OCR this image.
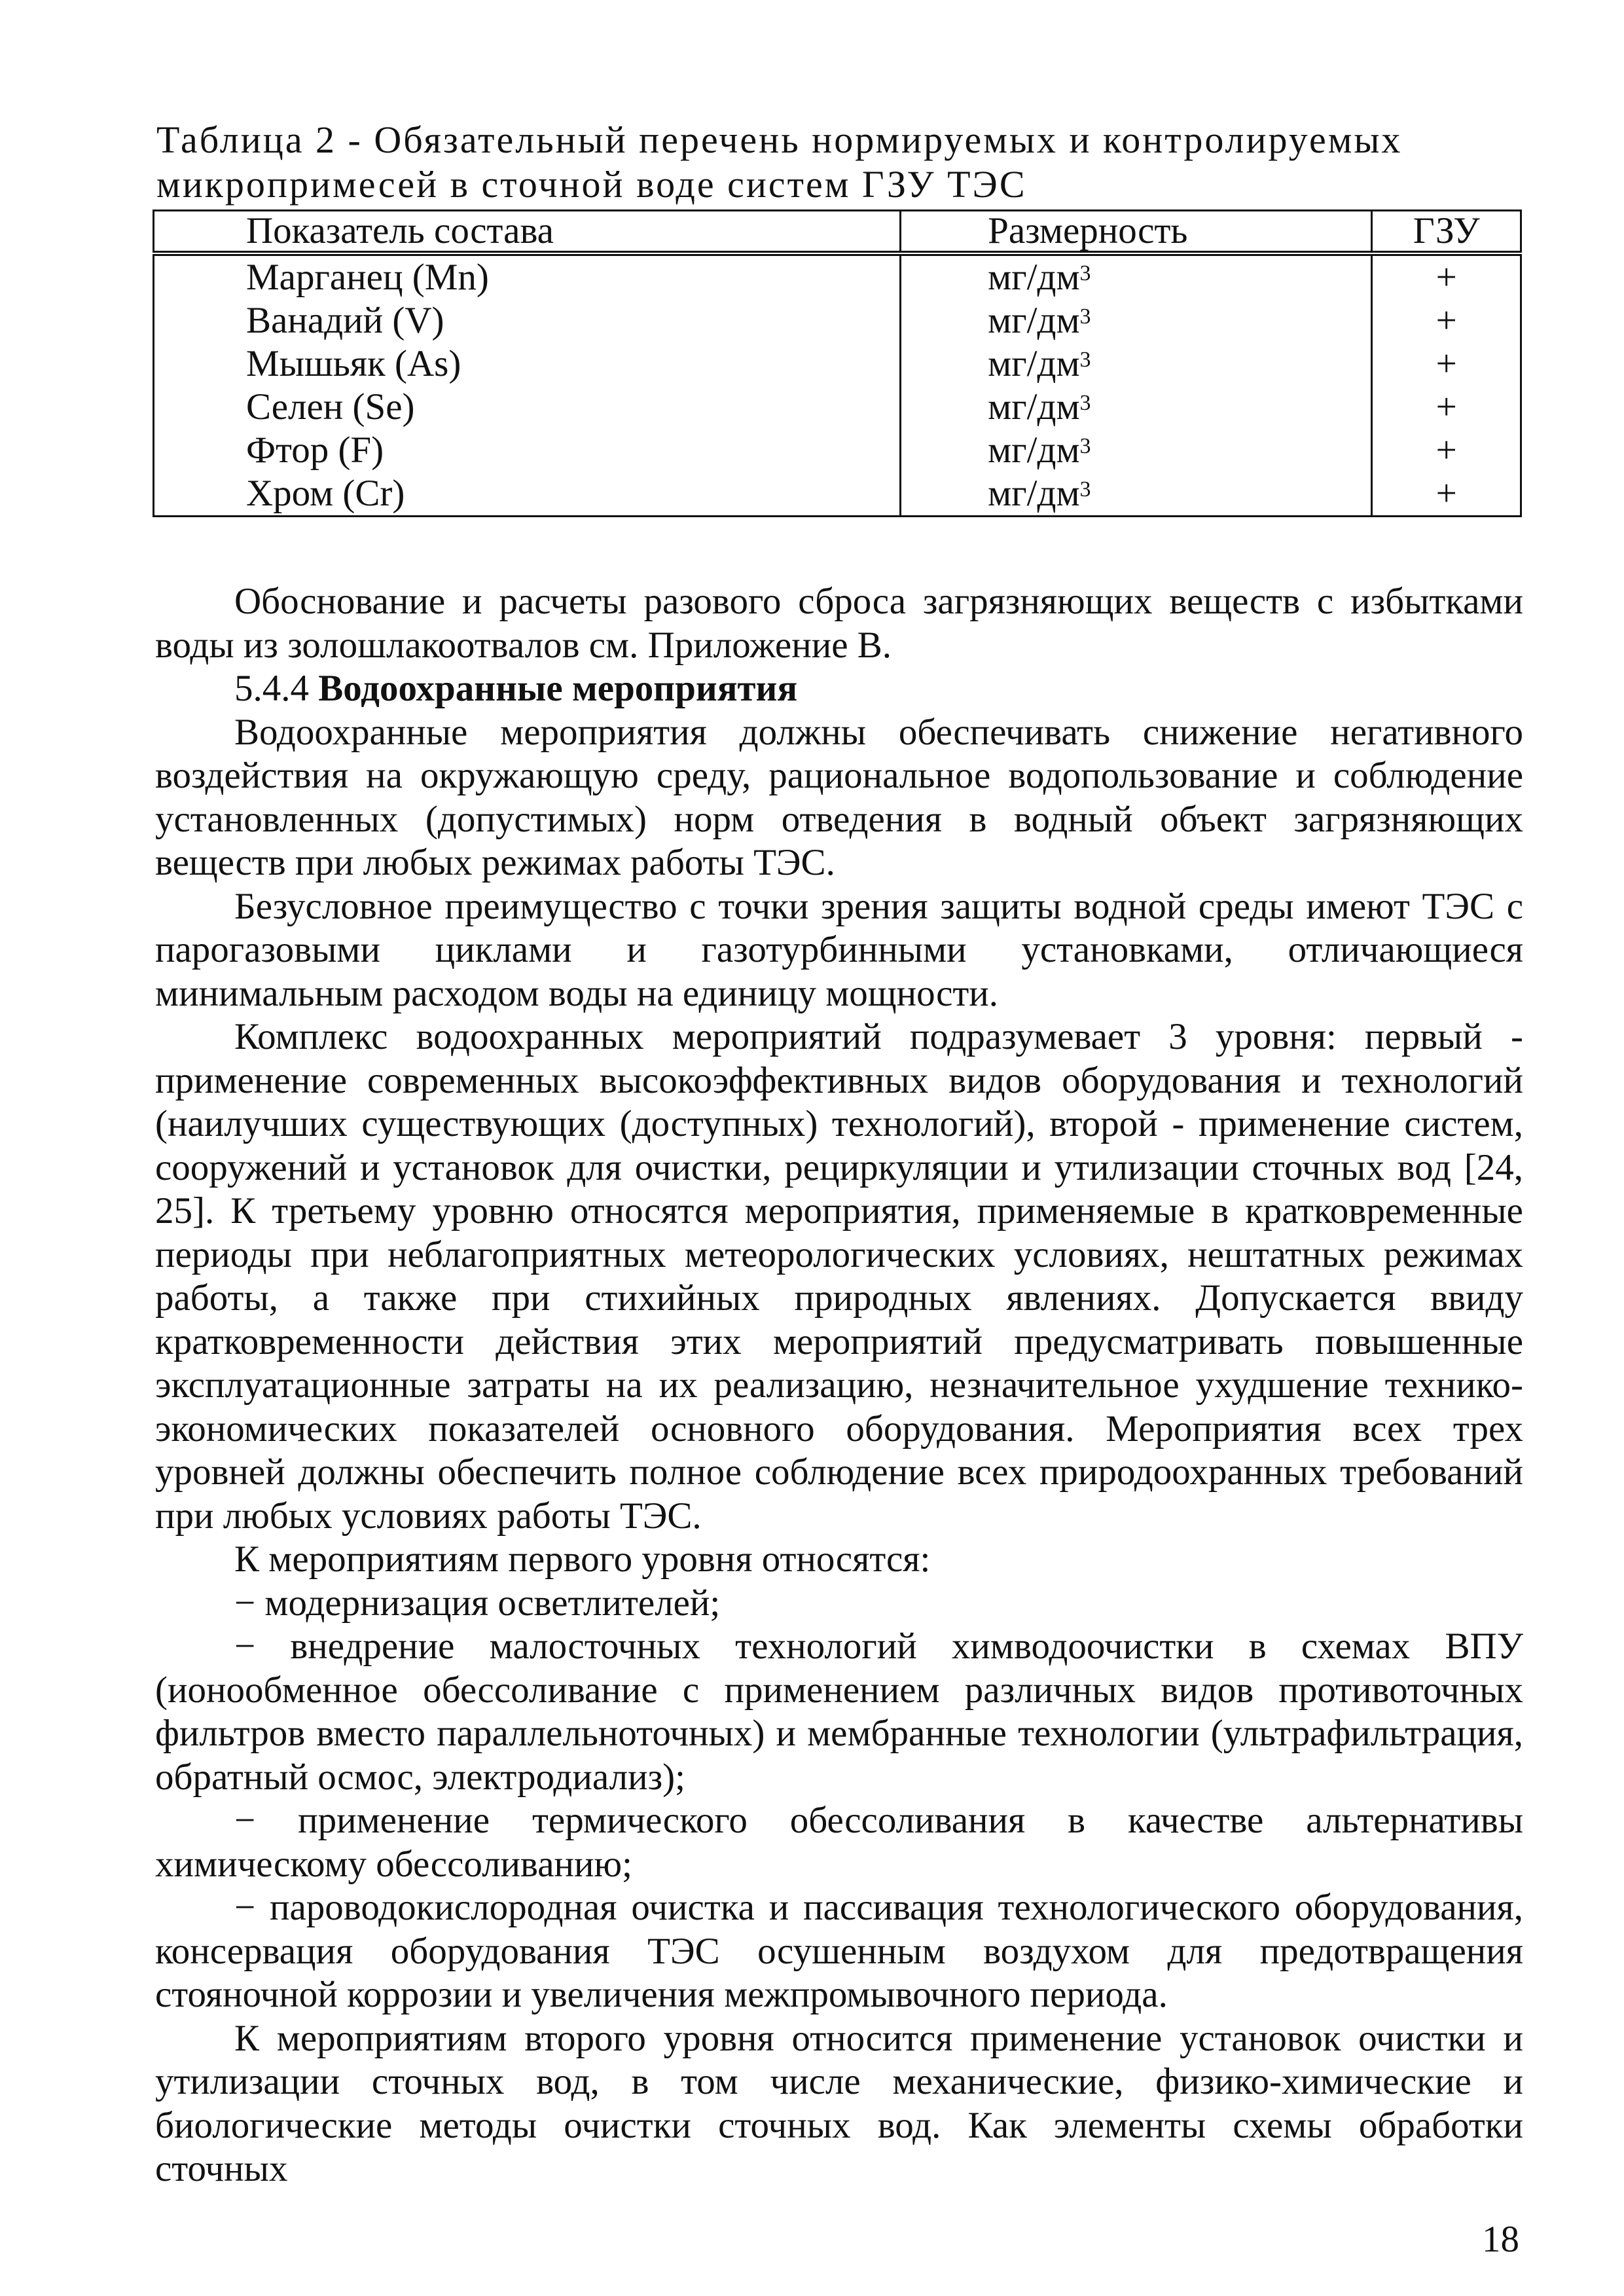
Таблица 2 - Обязательный перечень нормируемых и контролируемых
микропримесей в сточной воде систем ГЗУ ТЭС
Показатель состава	Размерность	ГЗУ
Марганец (Mn)	$мг/дм^3$	+
Ванадий (V)	$мг/дм^3$	+
Мышьяк (As)	$мг/дм^3$	+
Селен (Se)	$мг/дм^3$	+
Фтор (F)	$мг/дм^3$	+
Хром (Cr)	$мг/дм^3$	+

Обоснование и расчеты разового сброса загрязняющих веществ с избытками воды из золошлакоотвалов см. Приложение В.

5.4.4 Водоохранные мероприятия

Водоохранные мероприятия должны обеспечивать снижение негативного воздействия на окружающую среду, рациональное водопользование и соблюдение установленных (допустимых) норм отведения в водный объект загрязняющих веществ при любых режимах работы ТЭС.

Безусловное преимущество с точки зрения защиты водной среды имеют ТЭС с парогазовыми циклами и газотурбинными установками, отличающиеся минимальным расходом воды на единицу мощности.

Комплекс водоохранных мероприятий подразумевает 3 уровня: первый - применение современных высокоэффективных видов оборудования и технологий (наилучших существующих (доступных) технологий), второй - применение систем, сооружений и установок для очистки, рециркуляции и утилизации сточных вод [24, 25]. К третьему уровню относятся мероприятия, применяемые в кратковременные периоды при неблагоприятных метеорологических условиях, нештатных режимах работы, а также при стихийных природных явлениях. Допускается ввиду кратковременности действия этих мероприятий предусматривать повышенные эксплуатационные затраты на их реализацию, незначительное ухудшение технико-экономических показателей основного оборудования. Мероприятия всех трех уровней должны обеспечить полное соблюдение всех природоохранных требований при любых условиях работы ТЭС.

К мероприятиям первого уровня относятся:

− модернизация осветлителей;

− внедрение малосточных технологий химводоочистки в схемах ВПУ (ионообменное обессоливание с применением различных видов противоточных фильтров вместо параллельноточных) и мембранные технологии (ультрафильтрация, обратный осмос, электродиализ);

− применение термического обессоливания в качестве альтернативы химическому обессоливанию;

− пароводокислородная очистка и пассивация технологического оборудования, консервация оборудования ТЭС осушенным воздухом для предотвращения стояночной коррозии и увеличения межпромывочного периода.

К мероприятиям второго уровня относится применение установок очистки и утилизации сточных вод, в том числе механические, физико-химические и биологические методы очистки сточных вод. Как элементы схемы обработки сточных

18
